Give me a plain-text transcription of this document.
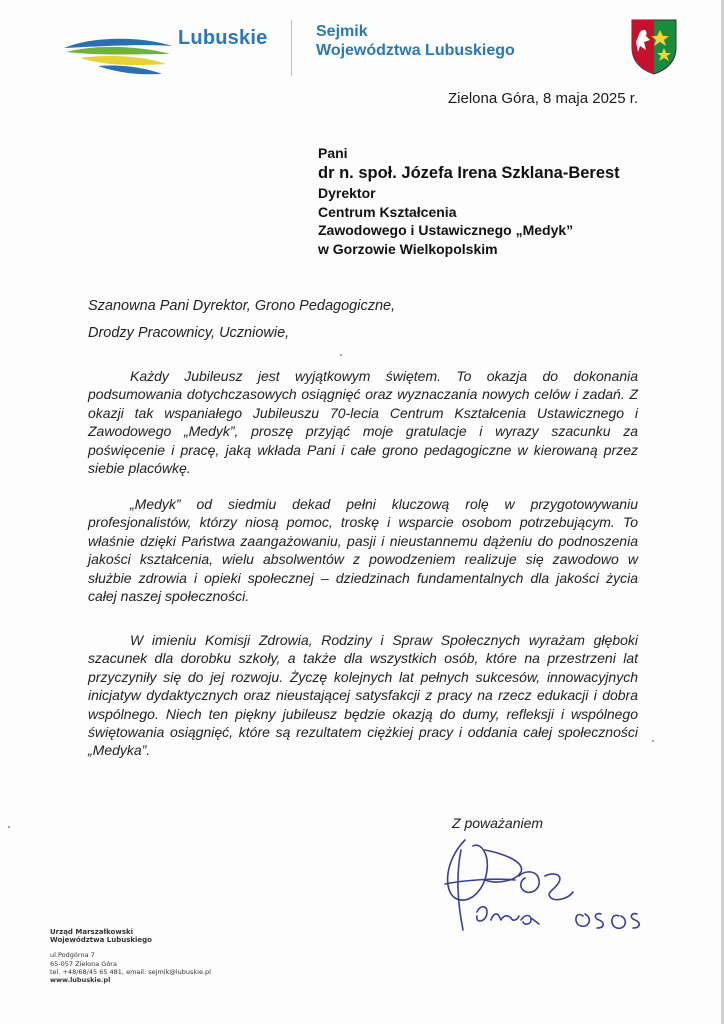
Lubuskie	Sejmik
Województwa Lubuskiego
Zielona Góra, 8 maja 2025 r.
Pani
dr n. społ. Józefa Irena Szklana-Berest
Dyrektor
Centrum Kształcenia
Zawodowego i Ustawicznego „Medyk”
w Gorzowie Wielkopolskim
Szanowna Pani Dyrektor, Grono Pedagogiczne,
Drodzy Pracownicy, Uczniowie,

Każdy Jubileusz jest wyjątkowym świętem. To okazja do dokonania podsumowania dotychczasowych osiągnięć oraz wyznaczania nowych celów i zadań. Z okazji tak wspaniałego Jubileuszu 70-lecia Centrum Kształcenia Ustawicznego i Zawodowego „Medyk”, proszę przyjąć moje gratulacje i wyrazy szacunku za poświęcenie i pracę, jaką wkłada Pani i całe grono pedagogiczne w kierowaną przez siebie placówkę.

„Medyk” od siedmiu dekad pełni kluczową rolę w przygotowywaniu profesjonalistów, którzy niosą pomoc, troskę i wsparcie osobom potrzebującym. To właśnie dzięki Państwa zaangażowaniu, pasji i nieustannemu dążeniu do podnoszenia jakości kształcenia, wielu absolwentów z powodzeniem realizuje się zawodowo w służbie zdrowia i opieki społecznej – dziedzinach fundamentalnych dla jakości życia całej naszej społeczności.

W imieniu Komisji Zdrowia, Rodziny i Spraw Społecznych wyrażam głęboki szacunek dla dorobku szkoły, a także dla wszystkich osób, które na przestrzeni lat przyczyniły się do jej rozwoju. Życzę kolejnych lat pełnych sukcesów, innowacyjnych inicjatyw dydaktycznych oraz nieustającej satysfakcji z pracy na rzecz edukacji i dobra wspólnego. Niech ten piękny jubileusz będzie okazją do dumy, refleksji i wspólnego świętowania osiągnięć, które są rezultatem ciężkiej pracy i oddania całej społeczności „Medyka”.

Z poważaniem
Urząd Marszałkowski
Województwa Lubuskiego
ul.Podgórna 7
65-057 Zielona Góra
tel. +48/68/45 65 481, email: sejmik@lubuskie.pl
www.lubuskie.pl
